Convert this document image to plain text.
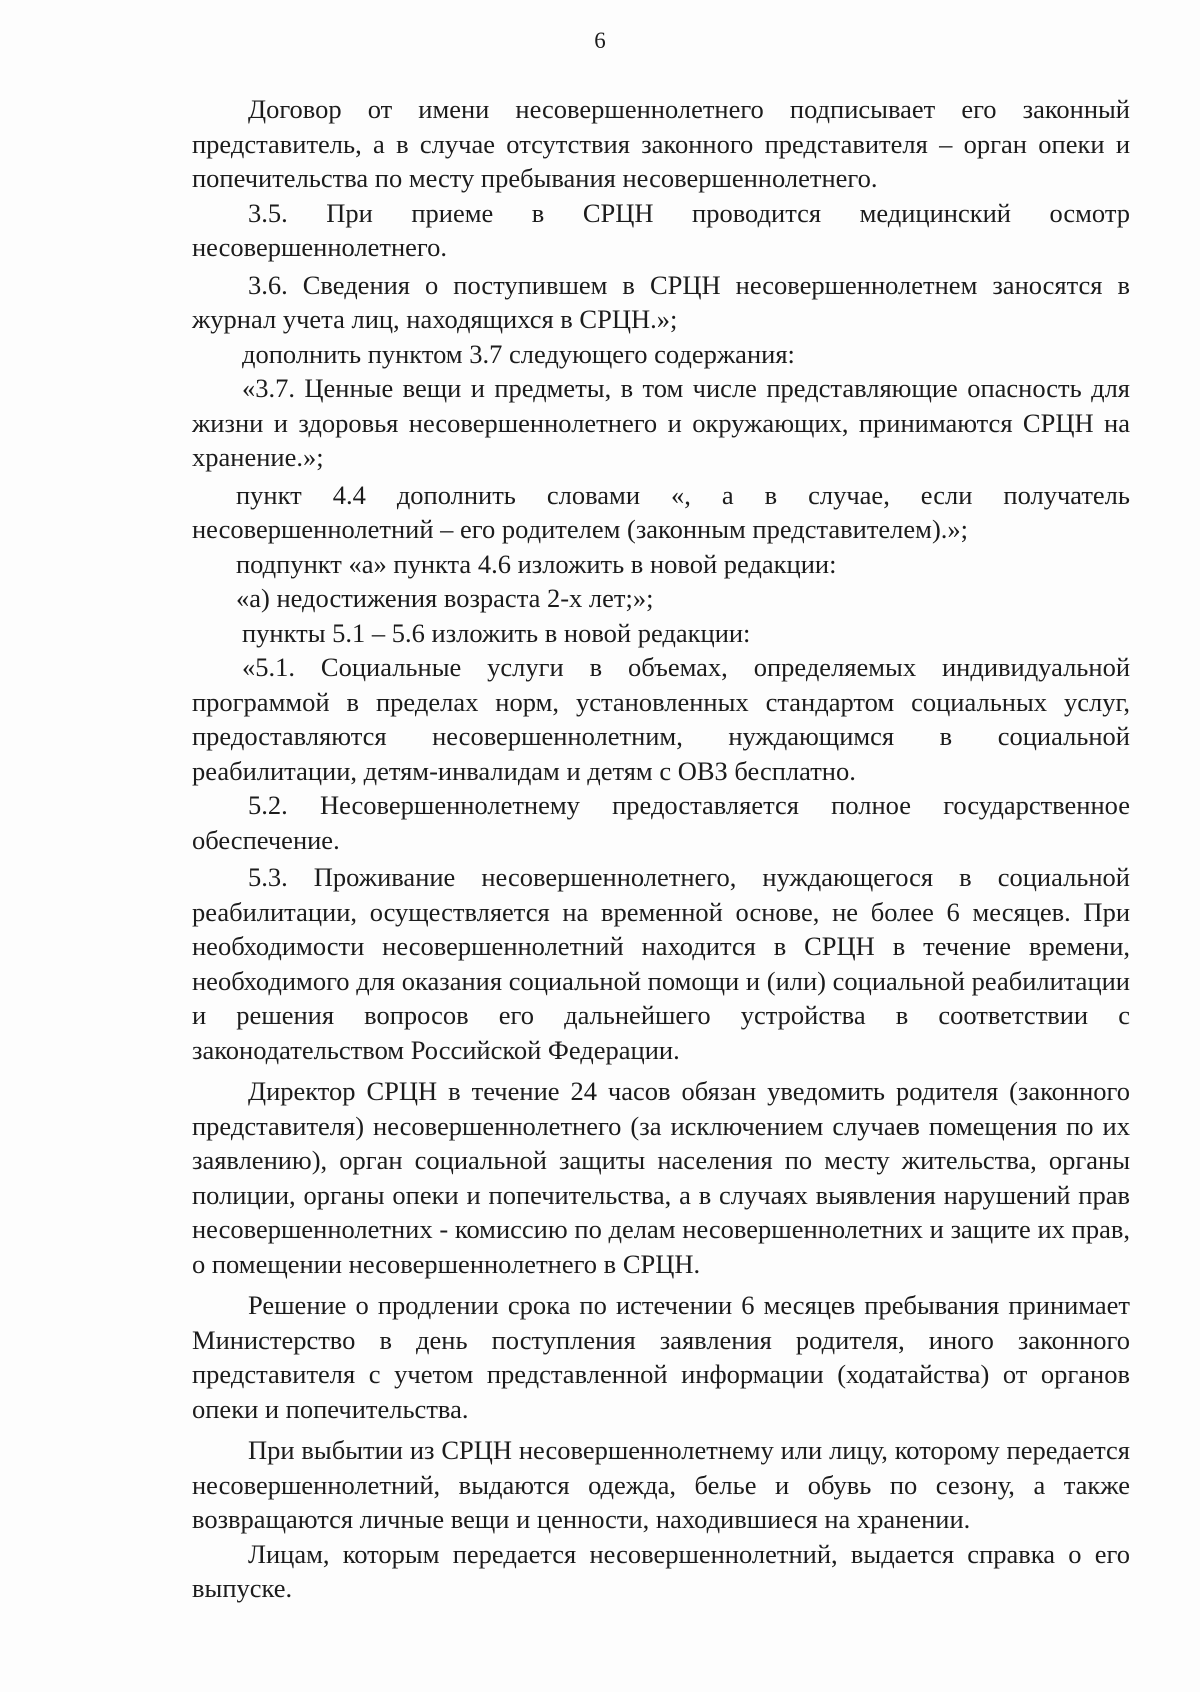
6

Договор от имени несовершеннолетнего подписывает его законный представитель, а в случае отсутствия законного представителя – орган опеки и попечительства по месту пребывания несовершеннолетнего.

3.5. При приеме в СРЦН проводится медицинский осмотр несовершеннолетнего.

3.6. Сведения о поступившем в СРЦН несовершеннолетнем заносятся в журнал учета лиц, находящихся в СРЦН.»;

дополнить пунктом 3.7 следующего содержания:

«3.7. Ценные вещи и предметы, в том числе представляющие опасность для жизни и здоровья несовершеннолетнего и окружающих, принимаются СРЦН на хранение.»;

пункт 4.4 дополнить словами «, а в случае, если получатель несовершеннолетний – его родителем (законным представителем).»;

подпункт «а» пункта 4.6 изложить в новой редакции:

«а) недостижения возраста 2-х лет;»;

пункты 5.1 – 5.6 изложить в новой редакции:

«5.1. Социальные услуги в объемах, определяемых индивидуальной программой в пределах норм, установленных стандартом социальных услуг, предоставляются несовершеннолетним, нуждающимся в социальной реабилитации, детям-инвалидам и детям с ОВЗ бесплатно.

5.2. Несовершеннолетнему предоставляется полное государственное обеспечение.

5.3. Проживание несовершеннолетнего, нуждающегося в социальной реабилитации, осуществляется на временной основе, не более 6 месяцев. При необходимости несовершеннолетний находится в СРЦН в течение времени, необходимого для оказания социальной помощи и (или) социальной реабилитации и решения вопросов его дальнейшего устройства в соответствии с законодательством Российской Федерации.

Директор СРЦН в течение 24 часов обязан уведомить родителя (законного представителя) несовершеннолетнего (за исключением случаев помещения по их заявлению), орган социальной защиты населения по месту жительства, органы полиции, органы опеки и попечительства, а в случаях выявления нарушений прав несовершеннолетних - комиссию по делам несовершеннолетних и защите их прав, о помещении несовершеннолетнего в СРЦН.

Решение о продлении срока по истечении 6 месяцев пребывания принимает Министерство в день поступления заявления родителя, иного законного представителя с учетом представленной информации (ходатайства) от органов опеки и попечительства.

При выбытии из СРЦН несовершеннолетнему или лицу, которому передается несовершеннолетний, выдаются одежда, белье и обувь по сезону, а также возвращаются личные вещи и ценности, находившиеся на хранении.

Лицам, которым передается несовершеннолетний, выдается справка о его выпуске.
